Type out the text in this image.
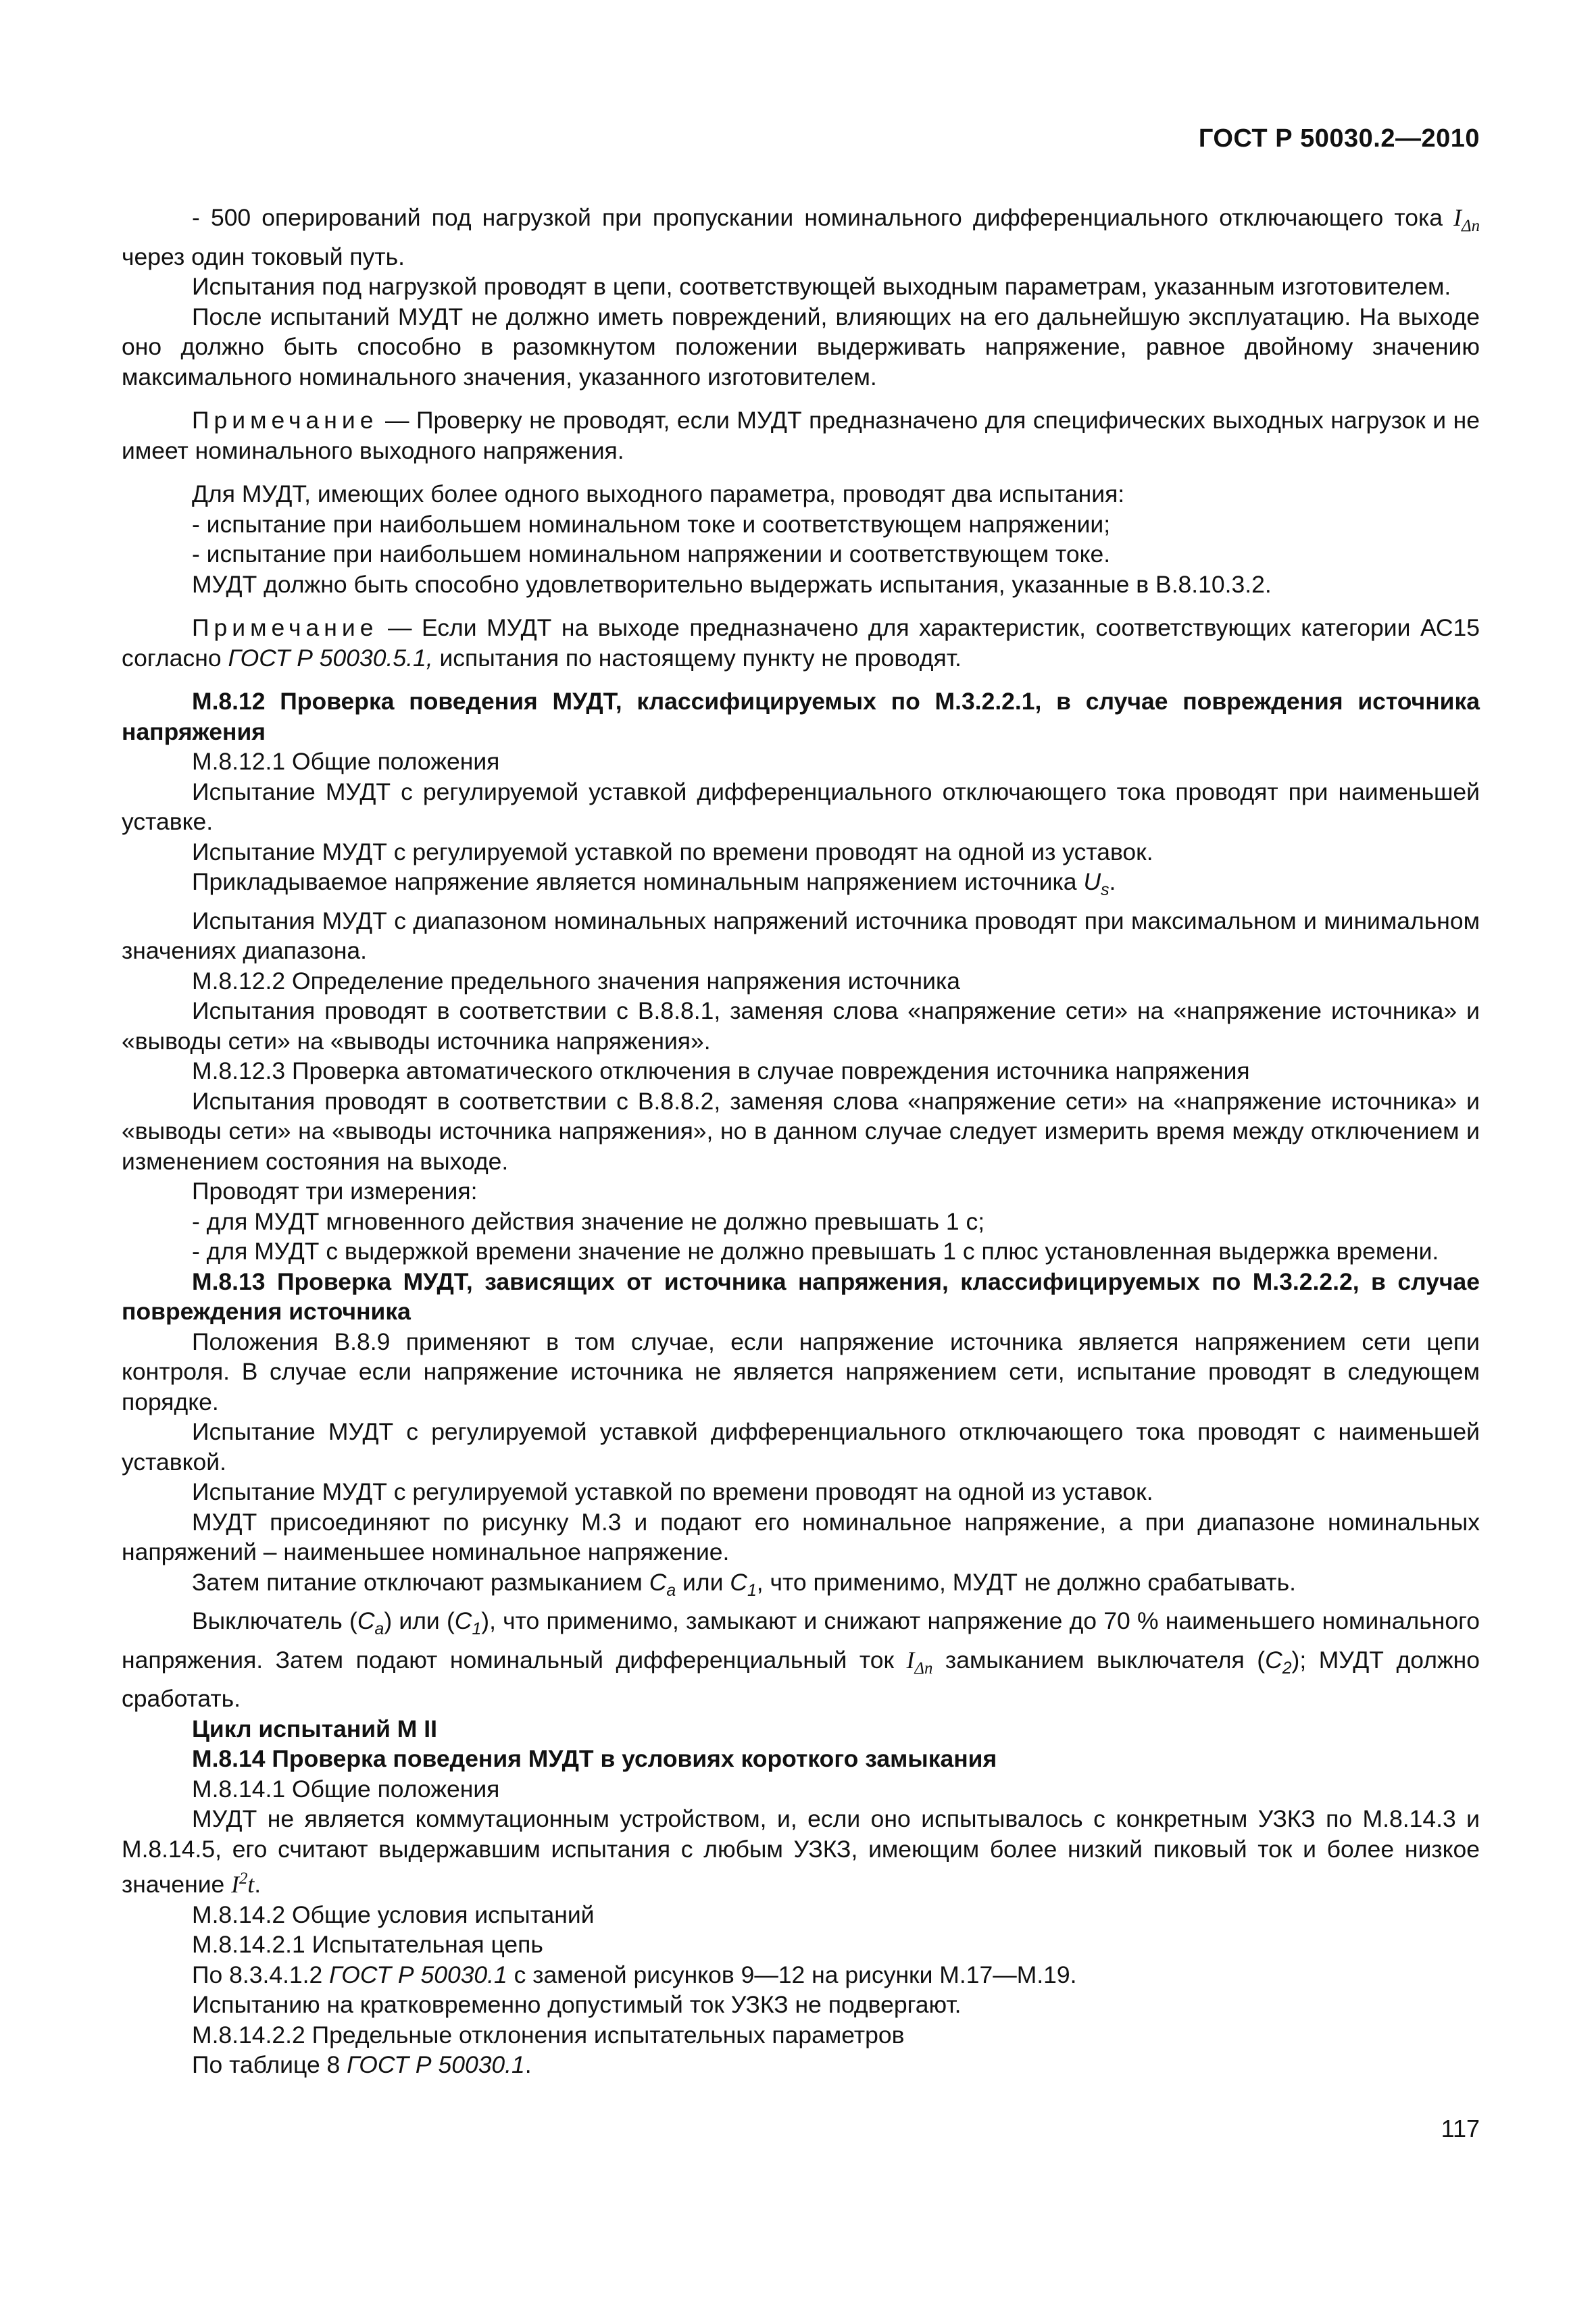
ГОСТ Р 50030.2—2010

- 500 оперирований под нагрузкой при пропускании номинального дифференциального отключающего тока $I_{\Delta n}$ через один токовый путь.

Испытания под нагрузкой проводят в цепи, соответствующей выходным параметрам, указанным изготовителем.

После испытаний МУДТ не должно иметь повреждений, влияющих на его дальнейшую эксплуатацию. На выходе оно должно быть способно в разомкнутом положении выдерживать напряжение, равное двойному значению максимального номинального значения, указанного изготовителем.

Примечание — Проверку не проводят, если МУДТ предназначено для специфических выходных нагрузок и не имеет номинального выходного напряжения.

Для МУДТ, имеющих более одного выходного параметра, проводят два испытания:

- испытание при наибольшем номинальном токе и соответствующем напряжении;

- испытание при наибольшем номинальном напряжении и соответствующем токе.

МУДТ должно быть способно удовлетворительно выдержать испытания, указанные в В.8.10.3.2.

Примечание — Если МУДТ на выходе предназначено для характеристик, соответствующих категории АС15 согласно ГОСТ Р 50030.5.1, испытания по настоящему пункту не проводят.

М.8.12 Проверка поведения МУДТ, классифицируемых по М.3.2.2.1, в случае повреждения источника напряжения

М.8.12.1 Общие положения

Испытание МУДТ с регулируемой уставкой дифференциального отключающего тока проводят при наименьшей уставке.

Испытание МУДТ с регулируемой уставкой по времени проводят на одной из уставок.

Прикладываемое напряжение является номинальным напряжением источника $U_s$.

Испытания МУДТ с диапазоном номинальных напряжений источника проводят при максимальном и минимальном значениях диапазона.

М.8.12.2 Определение предельного значения напряжения источника

Испытания проводят в соответствии с В.8.8.1, заменяя слова «напряжение сети» на «напряжение источника» и «выводы сети» на «выводы источника напряжения».

М.8.12.3 Проверка автоматического отключения в случае повреждения источника напряжения

Испытания проводят в соответствии с В.8.8.2, заменяя слова «напряжение сети» на «напряжение источника» и «выводы сети» на «выводы источника напряжения», но в данном случае следует измерить время между отключением и изменением состояния на выходе.

Проводят три измерения:

- для МУДТ мгновенного действия значение не должно превышать 1 с;

- для МУДТ с выдержкой времени значение не должно превышать 1 с плюс установленная выдержка времени.

М.8.13 Проверка МУДТ, зависящих от источника напряжения, классифицируемых по М.3.2.2.2, в случае повреждения источника

Положения В.8.9 применяют в том случае, если напряжение источника является напряжением сети цепи контроля. В случае если напряжение источника не является напряжением сети, испытание проводят в следующем порядке.

Испытание МУДТ с регулируемой уставкой дифференциального отключающего тока проводят с наименьшей уставкой.

Испытание МУДТ с регулируемой уставкой по времени проводят на одной из уставок.

МУДТ присоединяют по рисунку М.3 и подают его номинальное напряжение, а при диапазоне номинальных напряжений – наименьшее номинальное напряжение.

Затем питание отключают размыканием $C_a$ или $C_1$, что применимо, МУДТ не должно срабатывать.

Выключатель $(C_a)$ или $(C_1)$, что применимо, замыкают и снижают напряжение до 70 % наименьшего номинального напряжения. Затем подают номинальный дифференциальный ток $I_{\Delta n}$ замыканием выключателя $(C_2)$; МУДТ должно сработать.

Цикл испытаний М II

М.8.14 Проверка поведения МУДТ в условиях короткого замыкания

М.8.14.1 Общие положения

МУДТ не является коммутационным устройством, и, если оно испытывалось с конкретным УЗКЗ по М.8.14.3 и М.8.14.5, его считают выдержавшим испытания с любым УЗКЗ, имеющим более низкий пиковый ток и более низкое значение $I^2t$.

М.8.14.2 Общие условия испытаний

М.8.14.2.1 Испытательная цепь

По 8.3.4.1.2 ГОСТ Р 50030.1 с заменой рисунков 9—12 на рисунки М.17—М.19.

Испытанию на кратковременно допустимый ток УЗКЗ не подвергают.

М.8.14.2.2 Предельные отклонения испытательных параметров

По таблице 8 ГОСТ Р 50030.1.

117
